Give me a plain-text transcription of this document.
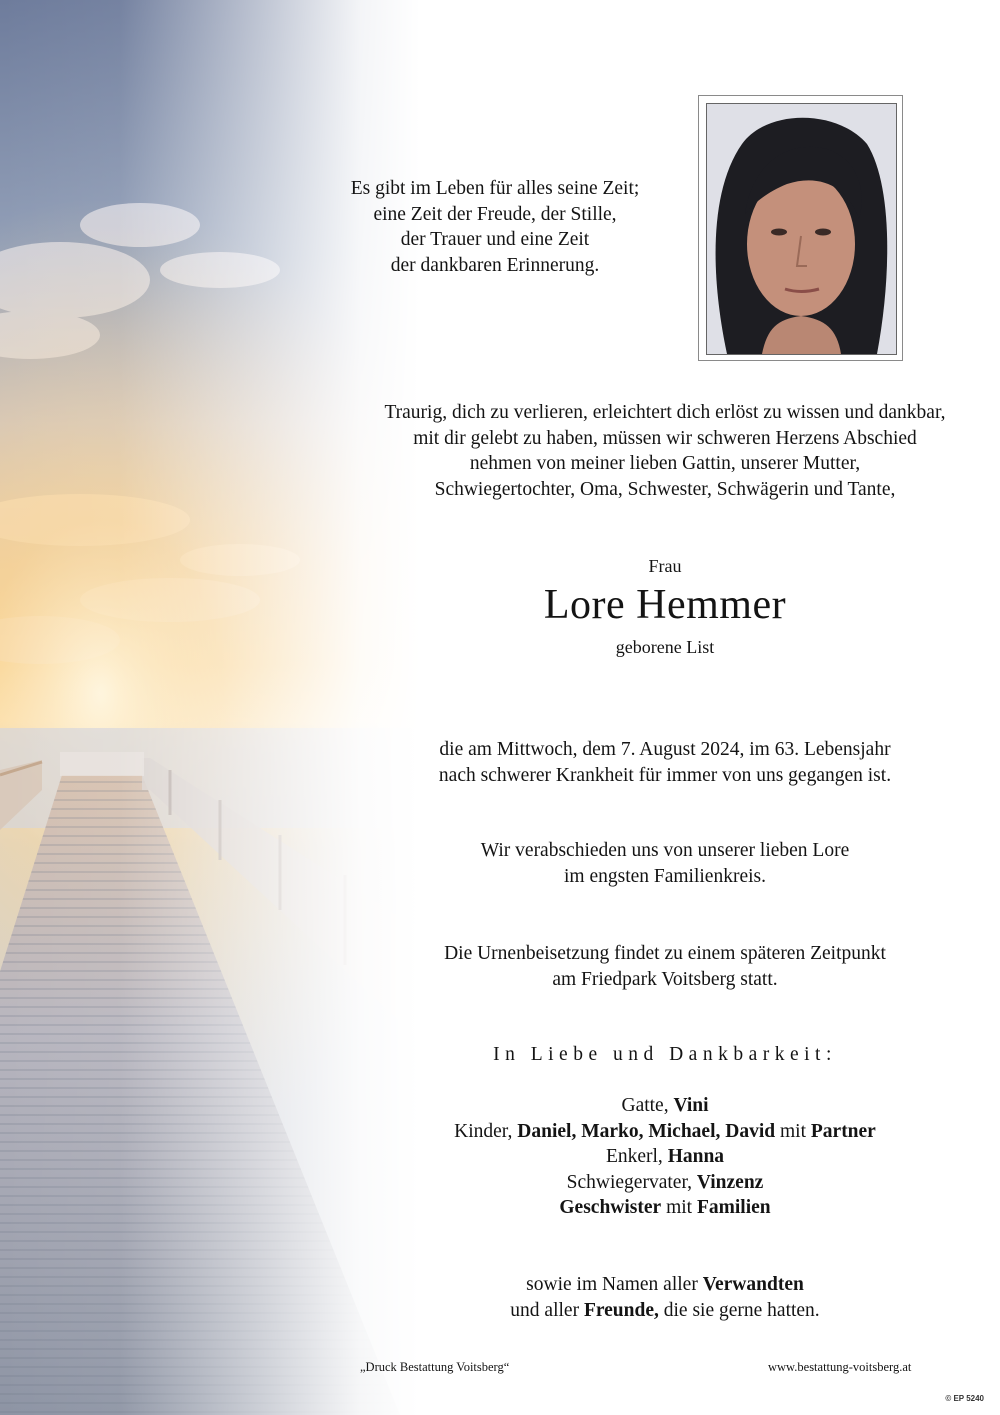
Es gibt im Leben für alles seine Zeit;
eine Zeit der Freude, der Stille,
der Trauer und eine Zeit
der dankbaren Erinnerung.
Traurig, dich zu verlieren, erleichtert dich erlöst zu wissen und dankbar,
mit dir gelebt zu haben, müssen wir schweren Herzens Abschied
nehmen von meiner lieben Gattin, unserer Mutter,
Schwiegertochter, Oma, Schwester, Schwägerin und Tante,
Frau
Lore Hemmer
geborene List
die am Mittwoch, dem 7. August 2024, im 63. Lebensjahr
nach schwerer Krankheit für immer von uns gegangen ist.
Wir verabschieden uns von unserer lieben Lore
im engsten Familienkreis.
Die Urnenbeisetzung findet zu einem späteren Zeitpunkt
am Friedpark Voitsberg statt.
In Liebe und Dankbarkeit:
Gatte, Vini
Kinder, Daniel, Marko, Michael, David mit Partner
Enkerl, Hanna
Schwiegervater, Vinzenz
Geschwister mit Familien
sowie im Namen aller Verwandten
und aller Freunde, die sie gerne hatten.
„Druck Bestattung Voitsberg“	www.bestattung-voitsberg.at
© EP 5240
